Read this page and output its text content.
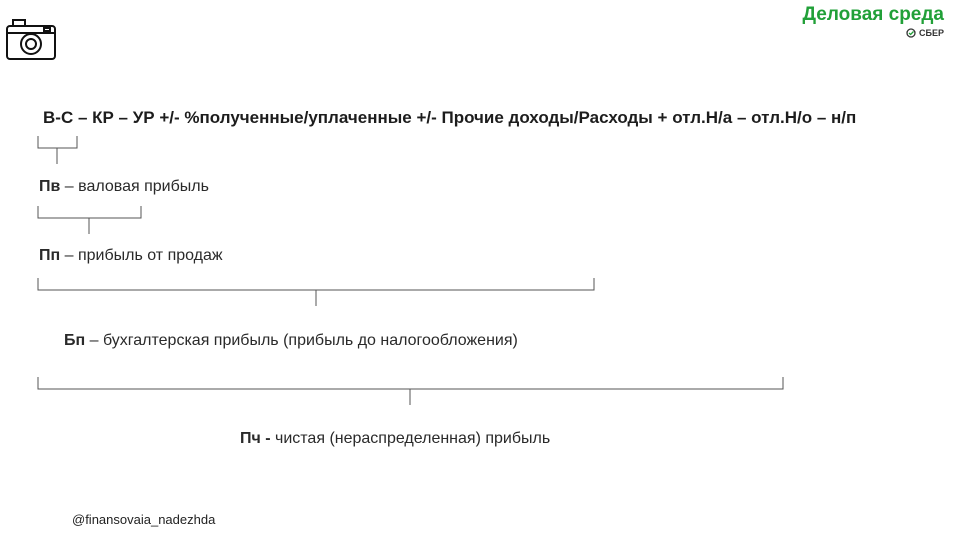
Деловая среда
СБЕР
В-С – КР – УР +/- %полученные/уплаченные +/- Прочие доходы/Расходы + отл.Н/а – отл.Н/о – н/п
Пв – валовая прибыль
Пп – прибыль от продаж
Бп – бухгалтерская прибыль (прибыль до налогообложения)
Пч - чистая (нераспределенная) прибыль
@finansovaia_nadezhda
